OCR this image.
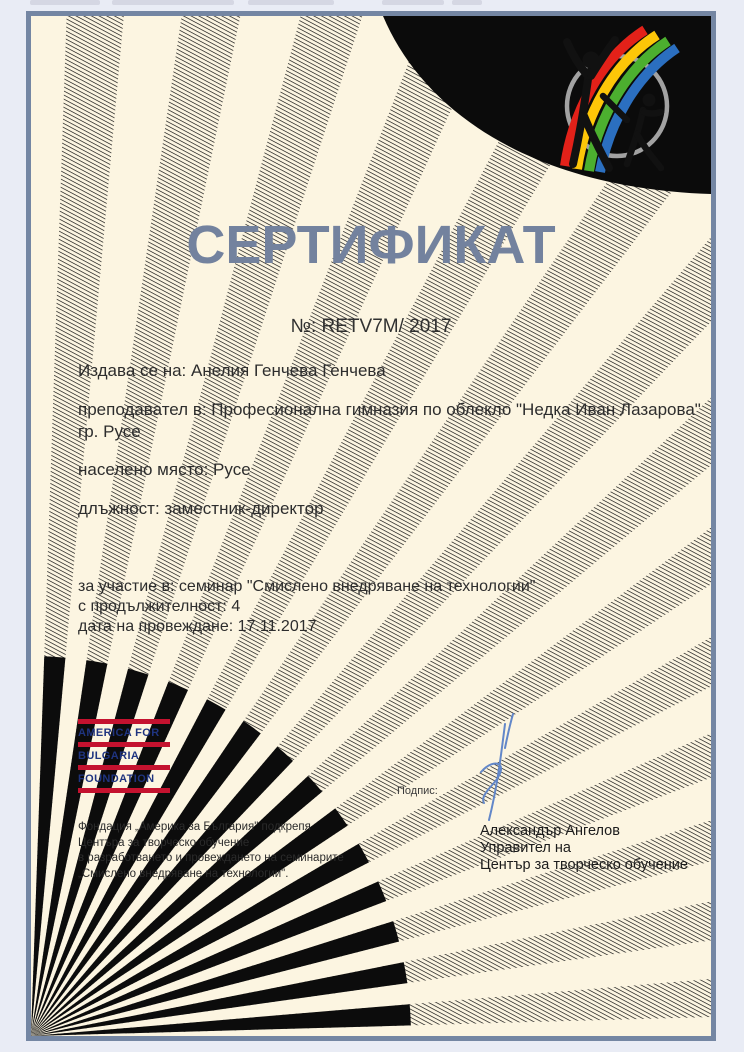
СЕРТИФИКАТ
№: RETV7M/ 2017
Издава се на: Анелия Генчева Генчева
преподавател в: Професионална гимназия по облекло "Недка Иван Лазарова" гр. Русе
населено място: Русе
длъжност: заместник-директор
за участие в: семинар "Смислено внедряване на технологии"
с продължителност: 4
дата на провеждане: 17.11.2017
AMERICA FOR
BULGARIA
FOUNDATION
Фондация „Америка за България" подкрепя
Центъра за творческо обучение
в разработването и провеждането на семинарите
„Смислено внедряване на технологии".
Подпис:
Александър Ангелов
Управител на
Център за творческо обучение
